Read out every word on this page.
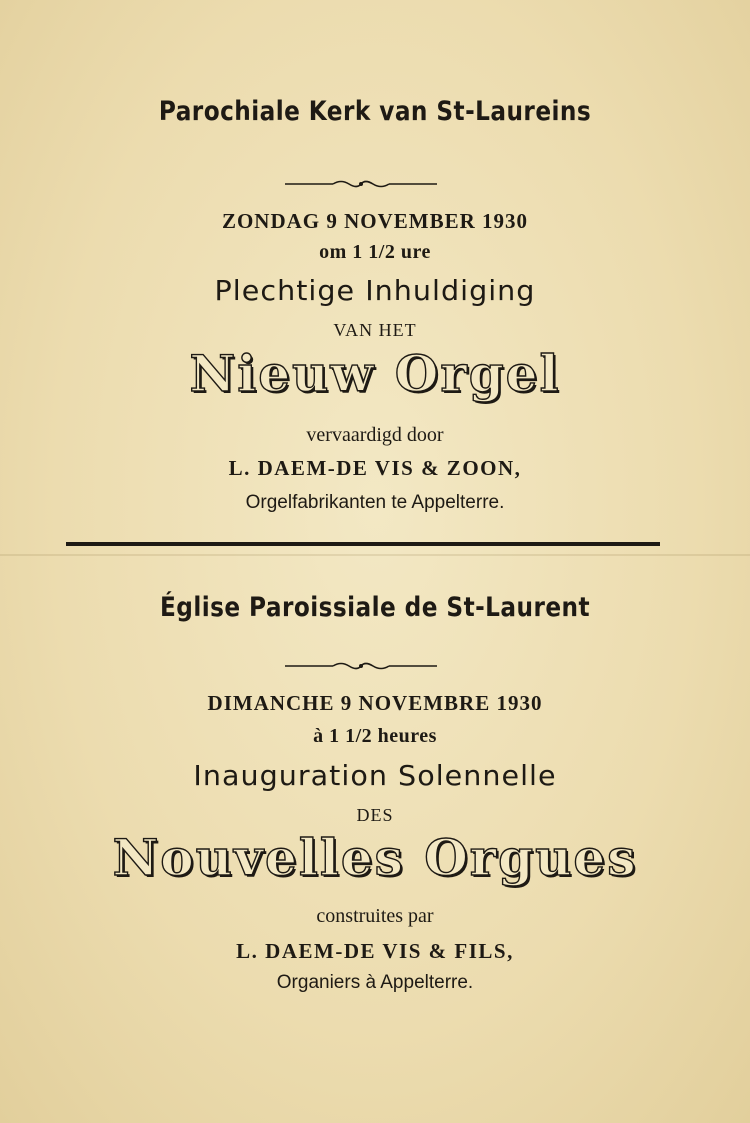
Parochiale Kerk van St-Laureins
ZONDAG 9 NOVEMBER 1930
om 1 1/2 ure
Plechtige Inhuldiging
VAN HET
Nieuw Orgel
vervaardigd door
L. DAEM-DE VIS & ZOON,
Orgelfabrikanten te Appelterre.
Église Paroissiale de St-Laurent
DIMANCHE 9 NOVEMBRE 1930
à 1 1/2 heures
Inauguration Solennelle
DES
Nouvelles Orgues
construites par
L. DAEM-DE VIS & FILS,
Organiers à Appelterre.
